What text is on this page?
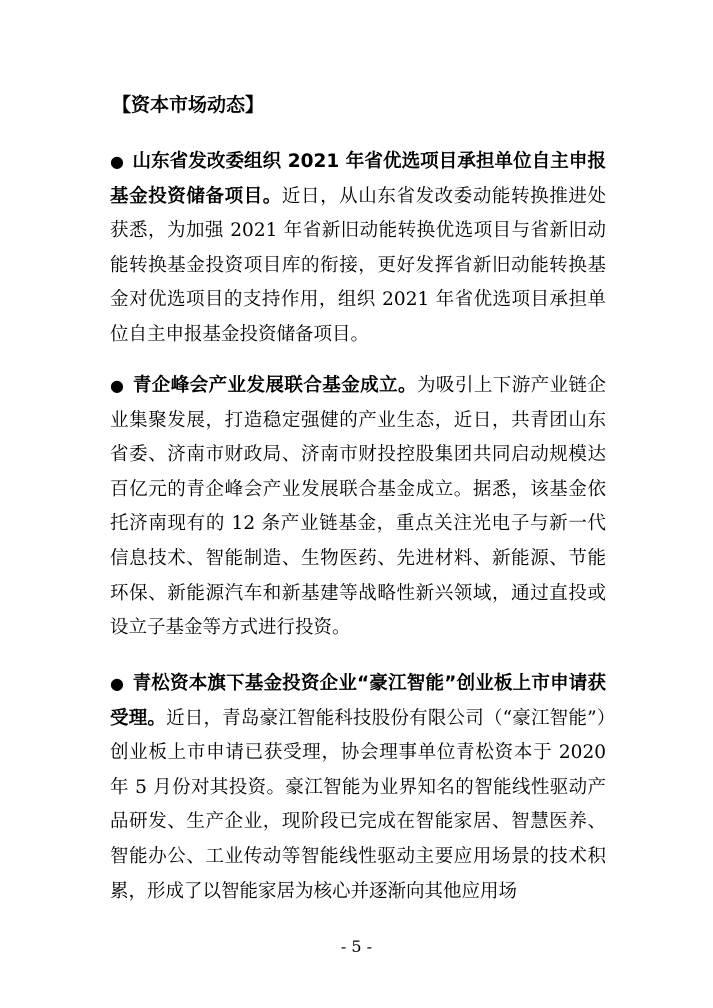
【资本市场动态】

● 山东省发改委组织 2021 年省优选项目承担单位自主申报基金投资储备项目。近日，从山东省发改委动能转换推进处获悉，为加强 2021 年省新旧动能转换优选项目与省新旧动能转换基金投资项目库的衔接，更好发挥省新旧动能转换基金对优选项目的支持作用，组织 2021 年省优选项目承担单位自主申报基金投资储备项目。

● 青企峰会产业发展联合基金成立。为吸引上下游产业链企业集聚发展，打造稳定强健的产业生态，近日，共青团山东省委、济南市财政局、济南市财投控股集团共同启动规模达百亿元的青企峰会产业发展联合基金成立。据悉，该基金依托济南现有的 12 条产业链基金，重点关注光电子与新一代信息技术、智能制造、生物医药、先进材料、新能源、节能环保、新能源汽车和新基建等战略性新兴领域，通过直投或设立子基金等方式进行投资。

● 青松资本旗下基金投资企业“豪江智能”创业板上市申请获受理。近日，青岛豪江智能科技股份有限公司（“豪江智能”）创业板上市申请已获受理，协会理事单位青松资本于 2020 年 5 月份对其投资。豪江智能为业界知名的智能线性驱动产品研发、生产企业，现阶段已完成在智能家居、智慧医养、智能办公、工业传动等智能线性驱动主要应用场景的技术积累，形成了以智能家居为核心并逐渐向其他应用场

- 5 -
